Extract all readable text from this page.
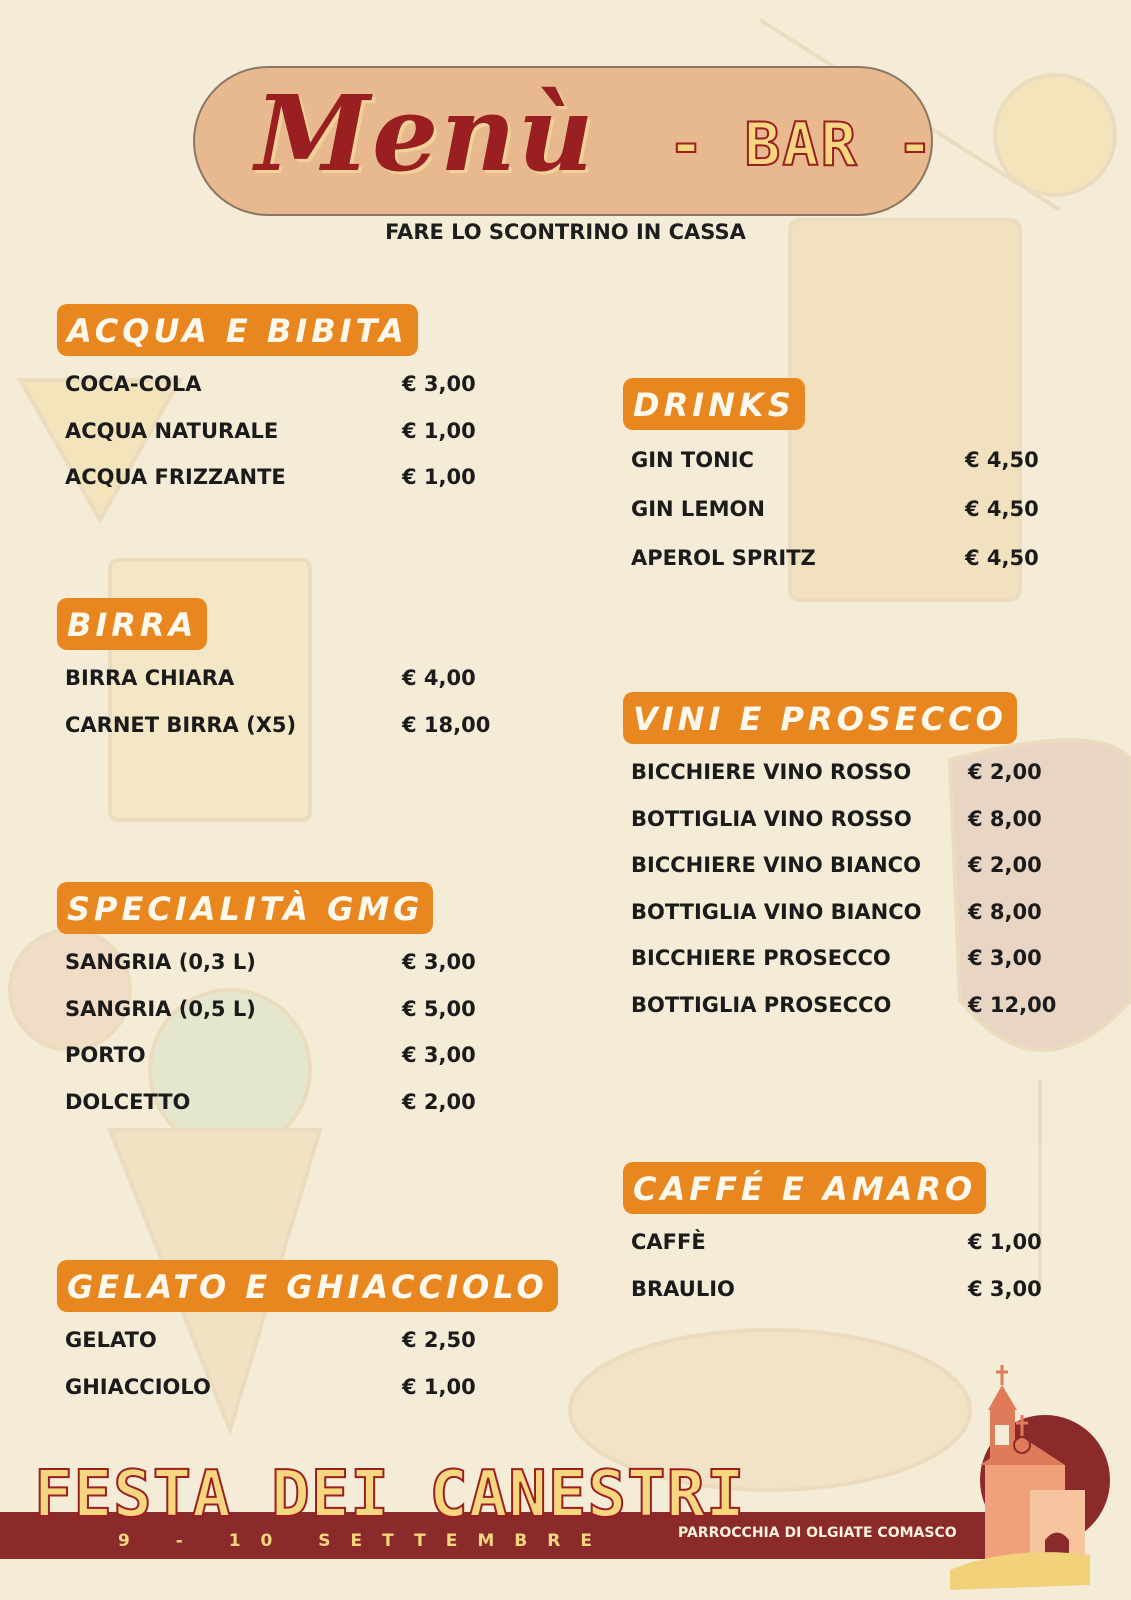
Menù - BAR -
FARE LO SCONTRINO IN CASSA
ACQUA E BIBITA
COCA-COLA	€ 3,00
ACQUA NATURALE	€ 1,00
ACQUA FRIZZANTE	€ 1,00
BIRRA
BIRRA CHIARA	€ 4,00
CARNET BIRRA (X5)	€ 18,00
SPECIALITÀ GMG
SANGRIA (0,3 L)	€ 3,00
SANGRIA (0,5 L)	€ 5,00
PORTO	€ 3,00
DOLCETTO	€ 2,00
GELATO E GHIACCIOLO
GELATO	€ 2,50
GHIACCIOLO	€ 1,00
DRINKS
GIN TONIC	€ 4,50
GIN LEMON	€ 4,50
APEROL SPRITZ	€ 4,50
VINI E PROSECCO
BICCHIERE VINO ROSSO	€ 2,00
BOTTIGLIA VINO ROSSO	€ 8,00
BICCHIERE VINO BIANCO € 2,00
BOTTIGLIA VINO BIANCO € 8,00
BICCHIERE PROSECCO	€ 3,00
BOTTIGLIA PROSECCO	€ 12,00
CAFFÉ E AMARO
CAFFÈ	€ 1,00
BRAULIO	€ 3,00
FESTA DEI CANESTRI
9 - 10 SETTEMBRE	PARROCCHIA DI OLGIATE COMASCO
